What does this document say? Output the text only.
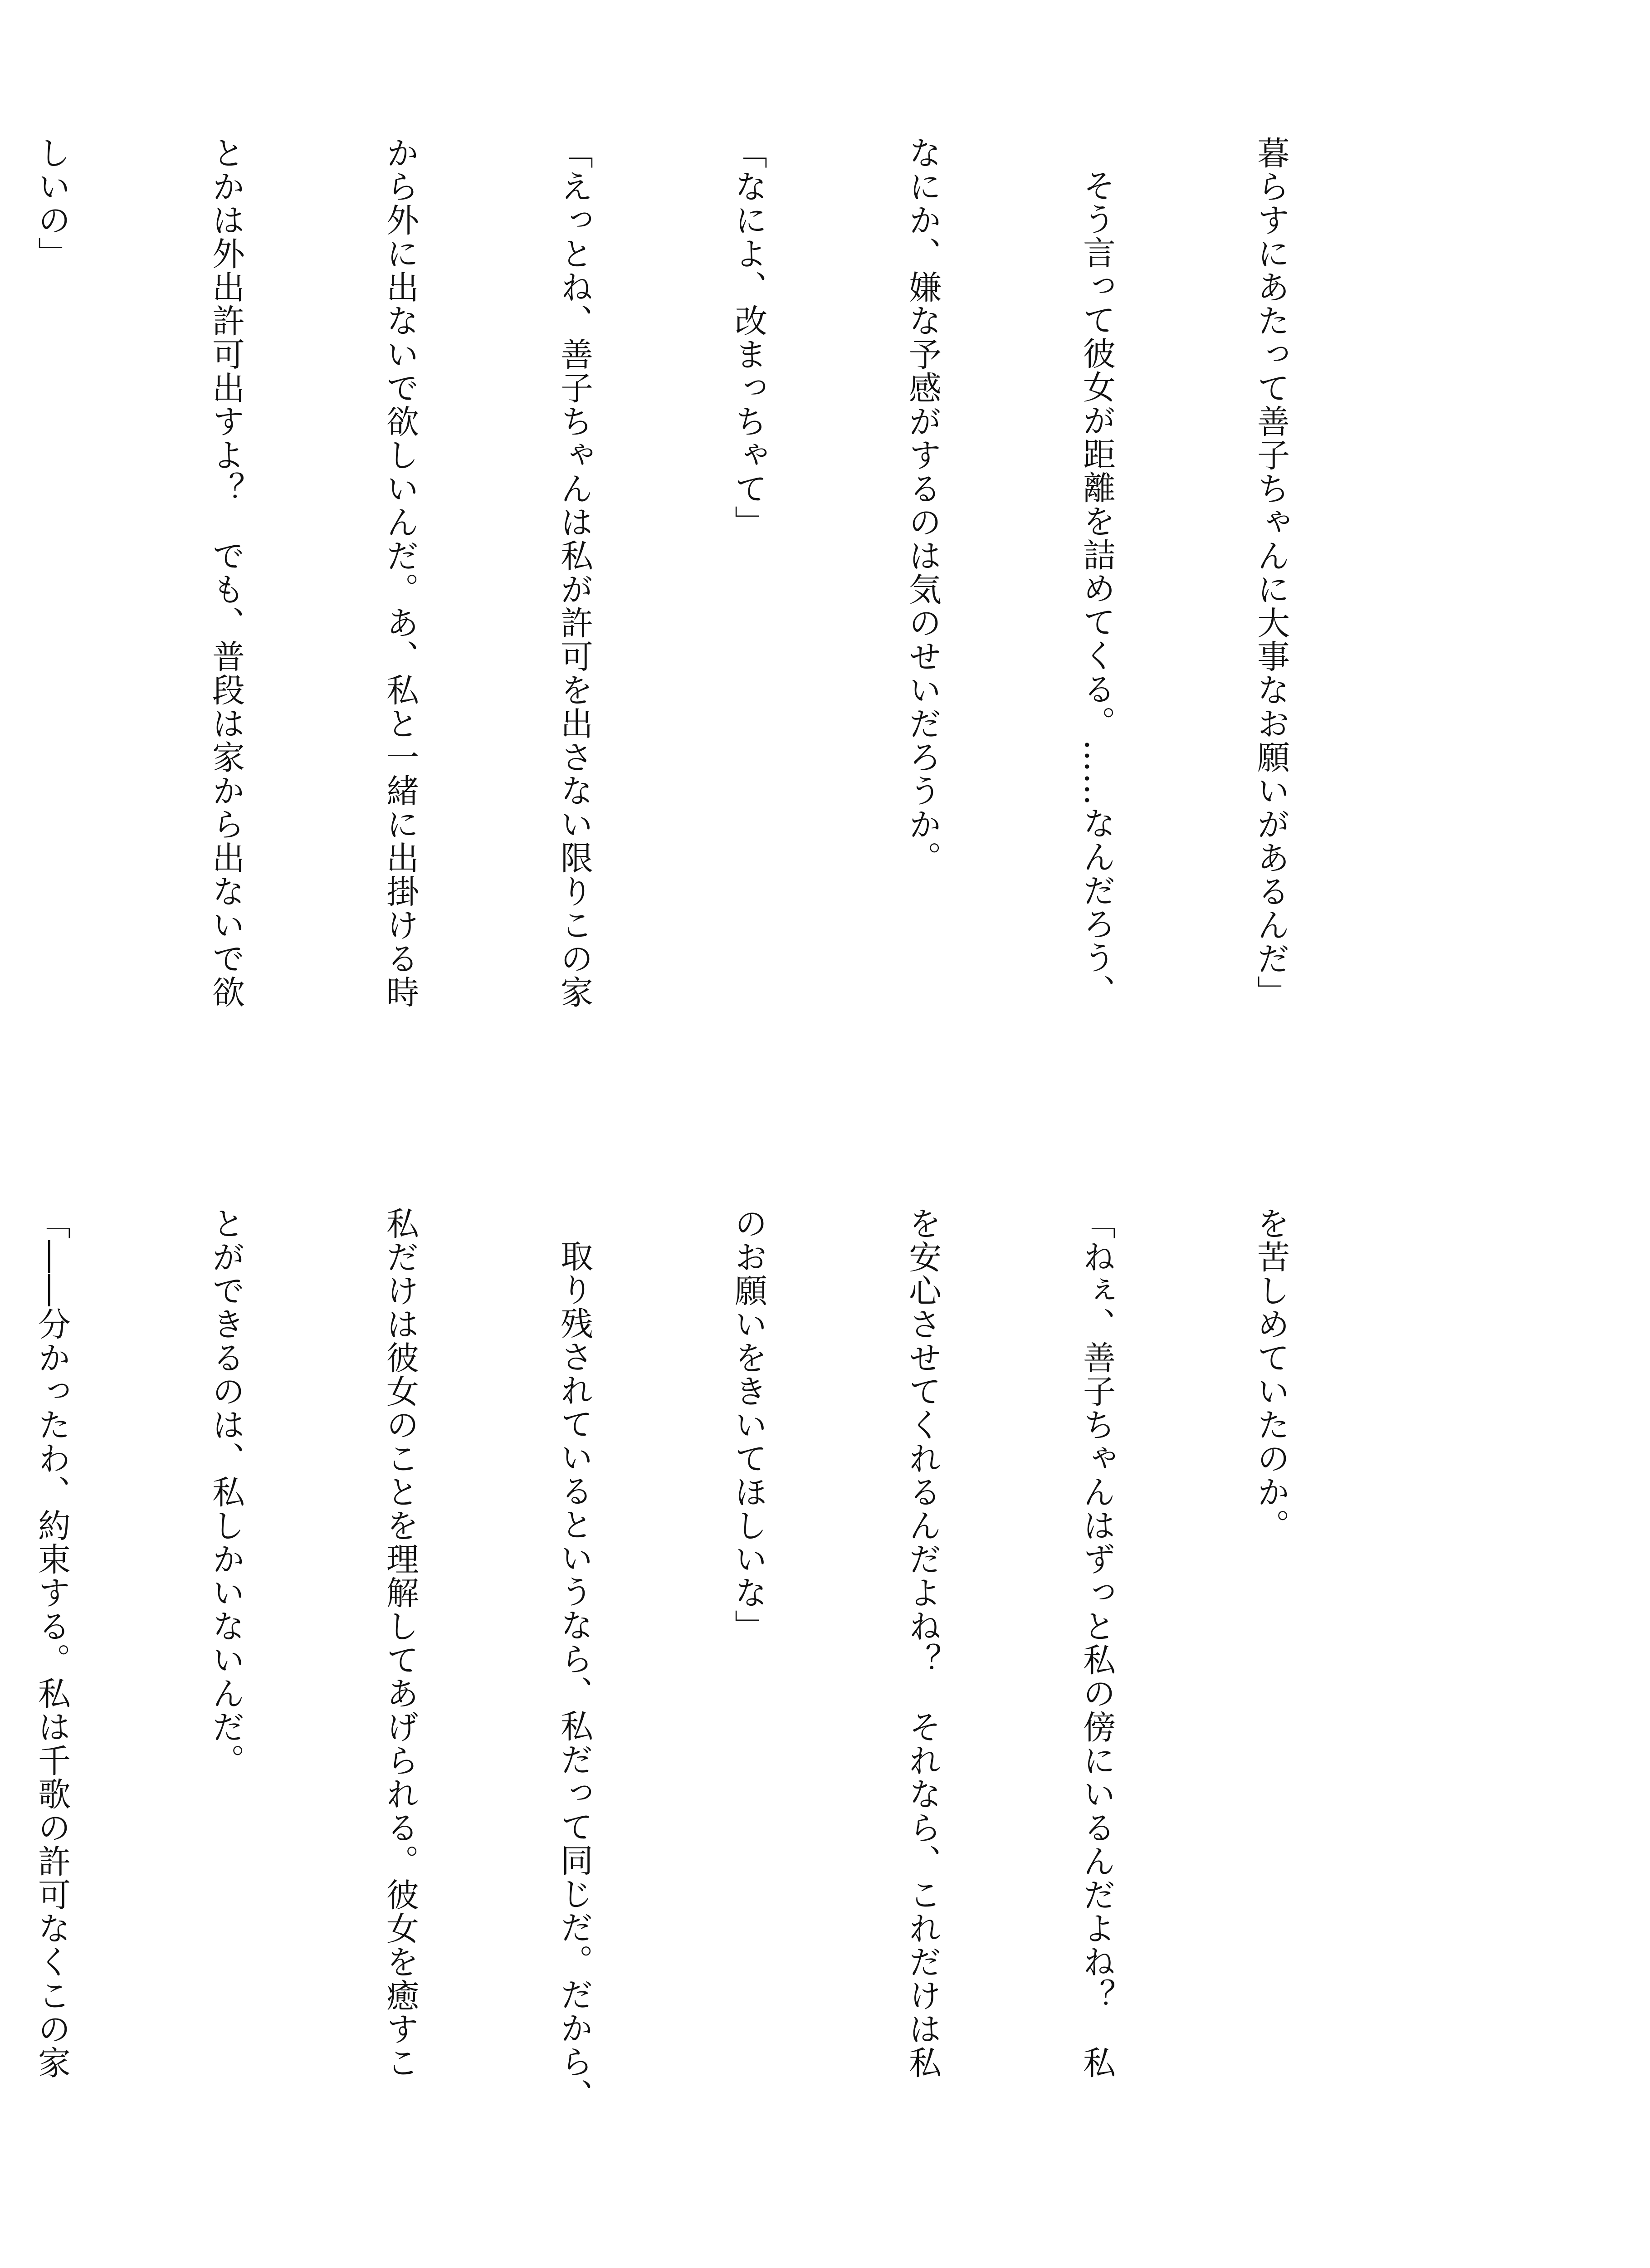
暮らすにあたって善子ちゃんに大事なお願いがあるんだ」

そう言って彼女が距離を詰めてくる。……なんだろう、

なにか、嫌な予感がするのは気のせいだろうか。

「なによ、改まっちゃて」

「えっとね、善子ちゃんは私が許可を出さない限りこの家

から外に出ないで欲しいんだ。あ、私と一緒に出掛ける時

とかは外出許可出すよ？　でも、普段は家から出ないで欲

しいの」

を苦しめていたのか。

「ねぇ、善子ちゃんはずっと私の傍にいるんだよね？　私

を安心させてくれるんだよね？　それなら、これだけは私

のお願いをきいてほしいな」

取り残されているというなら、私だって同じだ。だから、

私だけは彼女のことを理解してあげられる。彼女を癒すこ

とができるのは、私しかいないんだ。

「――分かったわ、約束する。私は千歌の許可なくこの家
